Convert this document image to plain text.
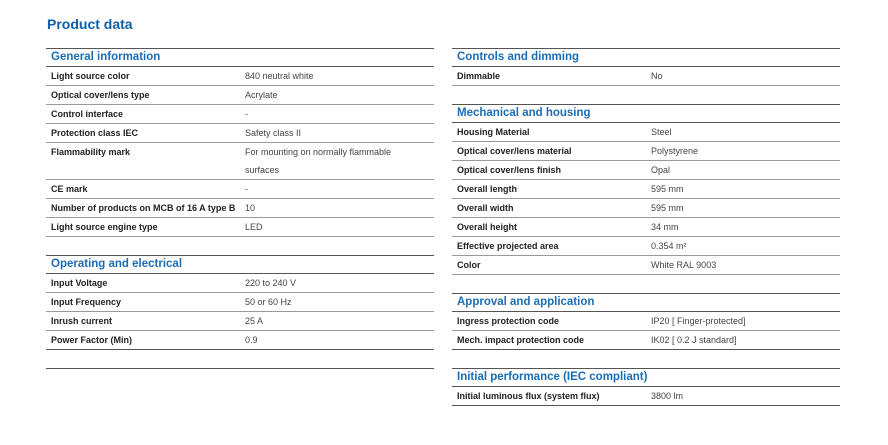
Product data
General information
Light source color	840 neutral white
Optical cover/lens type	Acrylate
Control interface	-
Protection class IEC	Safety class II
Flammability mark	For mounting on normally flammable surfaces
CE mark	-
Number of products on MCB of 16 A type B	10
Light source engine type	LED
Operating and electrical
Input Voltage	220 to 240 V
Input Frequency	50 or 60 Hz
Inrush current	25 A
Power Factor (Min)	0.9
Controls and dimming
Dimmable	No
Mechanical and housing
Housing Material	Steel
Optical cover/lens material	Polystyrene
Optical cover/lens finish	Opal
Overall length	595 mm
Overall width	595 mm
Overall height	34 mm
Effective projected area	0.354 m²
Color	White RAL 9003
Approval and application
Ingress protection code	IP20 [ Finger-protected]
Mech. impact protection code	IK02 [ 0.2 J standard]
Initial performance (IEC compliant)
Initial luminous flux (system flux)	3800 lm
